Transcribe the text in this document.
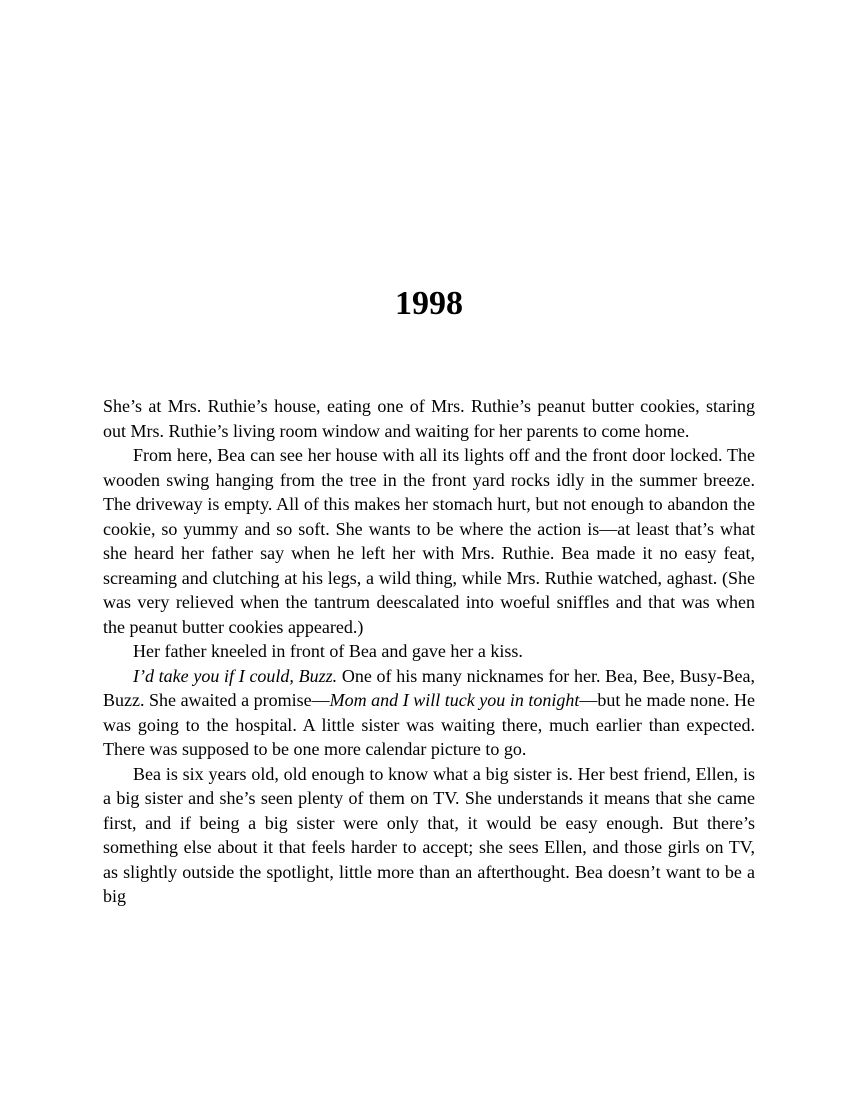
1998

She’s at Mrs. Ruthie’s house, eating one of Mrs. Ruthie’s peanut butter cookies, staring out Mrs. Ruthie’s living room window and waiting for her parents to come home.

From here, Bea can see her house with all its lights off and the front door locked. The wooden swing hanging from the tree in the front yard rocks idly in the summer breeze. The driveway is empty. All of this makes her stomach hurt, but not enough to abandon the cookie, so yummy and so soft. She wants to be where the action is—at least that’s what she heard her father say when he left her with Mrs. Ruthie. Bea made it no easy feat, screaming and clutching at his legs, a wild thing, while Mrs. Ruthie watched, aghast. (She was very relieved when the tantrum deescalated into woeful sniffles and that was when the peanut butter cookies appeared.)

Her father kneeled in front of Bea and gave her a kiss.

I’d take you if I could, Buzz. One of his many nicknames for her. Bea, Bee, Busy-Bea, Buzz. She awaited a promise—Mom and I will tuck you in tonight—but he made none. He was going to the hospital. A little sister was waiting there, much earlier than expected. There was supposed to be one more calendar picture to go.

Bea is six years old, old enough to know what a big sister is. Her best friend, Ellen, is a big sister and she’s seen plenty of them on TV. She understands it means that she came first, and if being a big sister were only that, it would be easy enough. But there’s something else about it that feels harder to accept; she sees Ellen, and those girls on TV, as slightly outside the spotlight, little more than an afterthought. Bea doesn’t want to be a big
